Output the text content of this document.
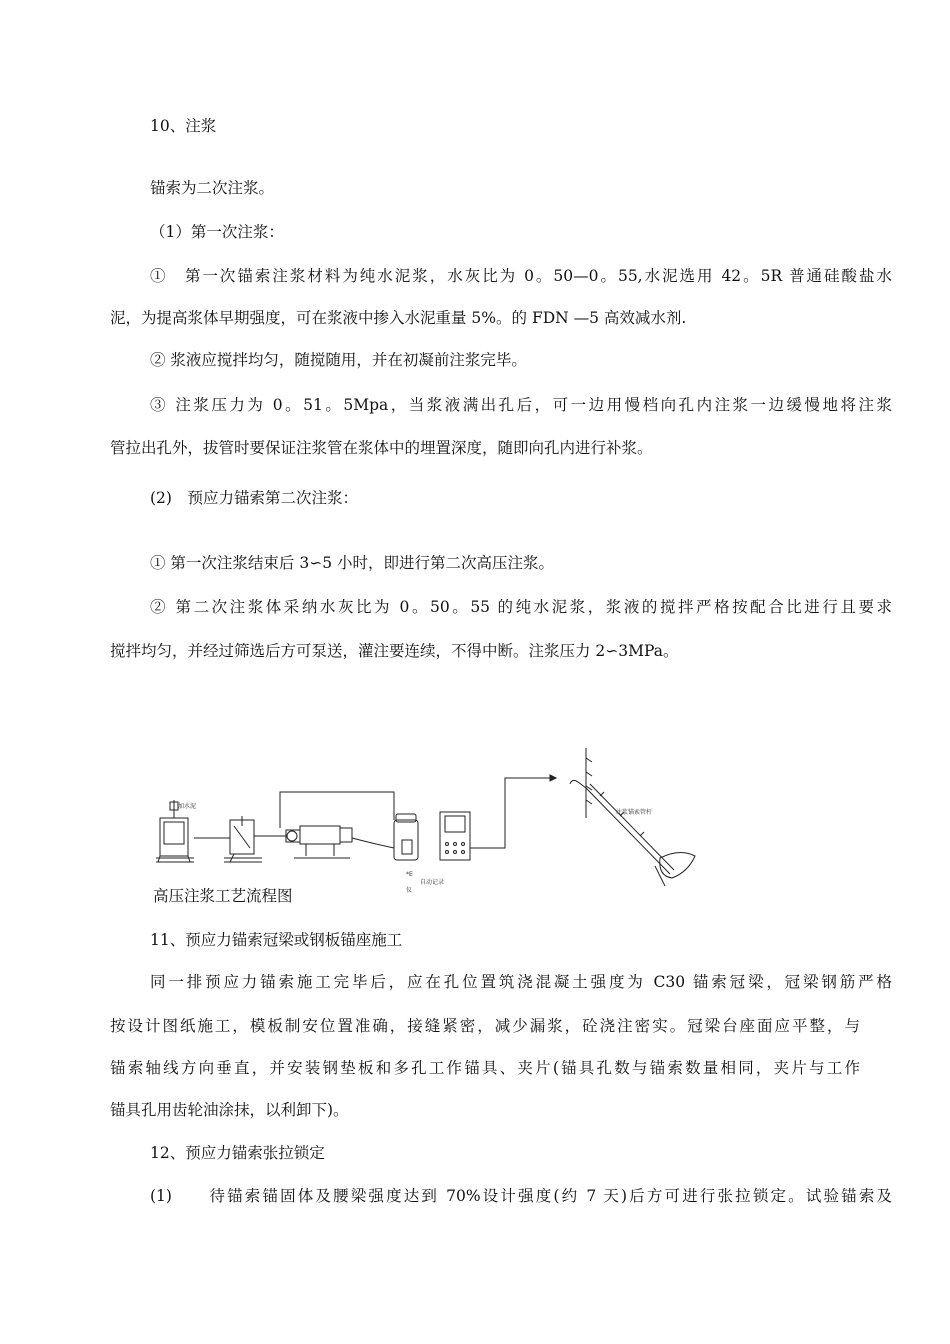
10、注浆
锚索为二次注浆。
（1）第一次注浆：
①　第一次锚索注浆材料为纯水泥浆，水灰比为 0。50—0。55,水泥选用 42。5R 普通硅酸盐水
泥，为提高浆体早期强度，可在浆液中掺入水泥重量 5%。的 FDN —5 高效减水剂.
② 浆液应搅拌均匀，随搅随用，并在初凝前注浆完毕。
③ 注浆压力为 0。51。5Mpa，当浆液满出孔后，可一边用慢档向孔内注浆一边缓慢地将注浆
管拉出孔外，拔管时要保证注浆管在浆体中的埋置深度，随即向孔内进行补浆。
(2)　预应力锚索第二次注浆：
① 第一次注浆结束后 3∽5 小时，即进行第二次高压注浆。
② 第二次注浆体采纳水灰比为 0。50。55 的纯水泥浆，浆液的搅拌严格按配合比进行且要求
搅拌均匀，并经过筛选后方可泵送，灌注要连续，不得中断。注浆压力 2∽3MPa。
加水泥
*E
自动记录
仪
注浆锚索管杆
高压注浆工艺流程图
11、预应力锚索冠梁或钢板锚座施工
同一排预应力锚索施工完毕后，应在孔位置筑浇混凝土强度为 C30 锚索冠梁，冠梁钢筋严格
按设计图纸施工，模板制安位置准确，接缝紧密，减少漏浆，砼浇注密实。冠梁台座面应平整，与
锚索轴线方向垂直，并安装钢垫板和多孔工作锚具、夹片(锚具孔数与锚索数量相同，夹片与工作
锚具孔用齿轮油涂抹，以利卸下)。
12、预应力锚索张拉锁定
(1)　　待锚索锚固体及腰梁强度达到 70%设计强度(约 7 天)后方可进行张拉锁定。试验锚索及
